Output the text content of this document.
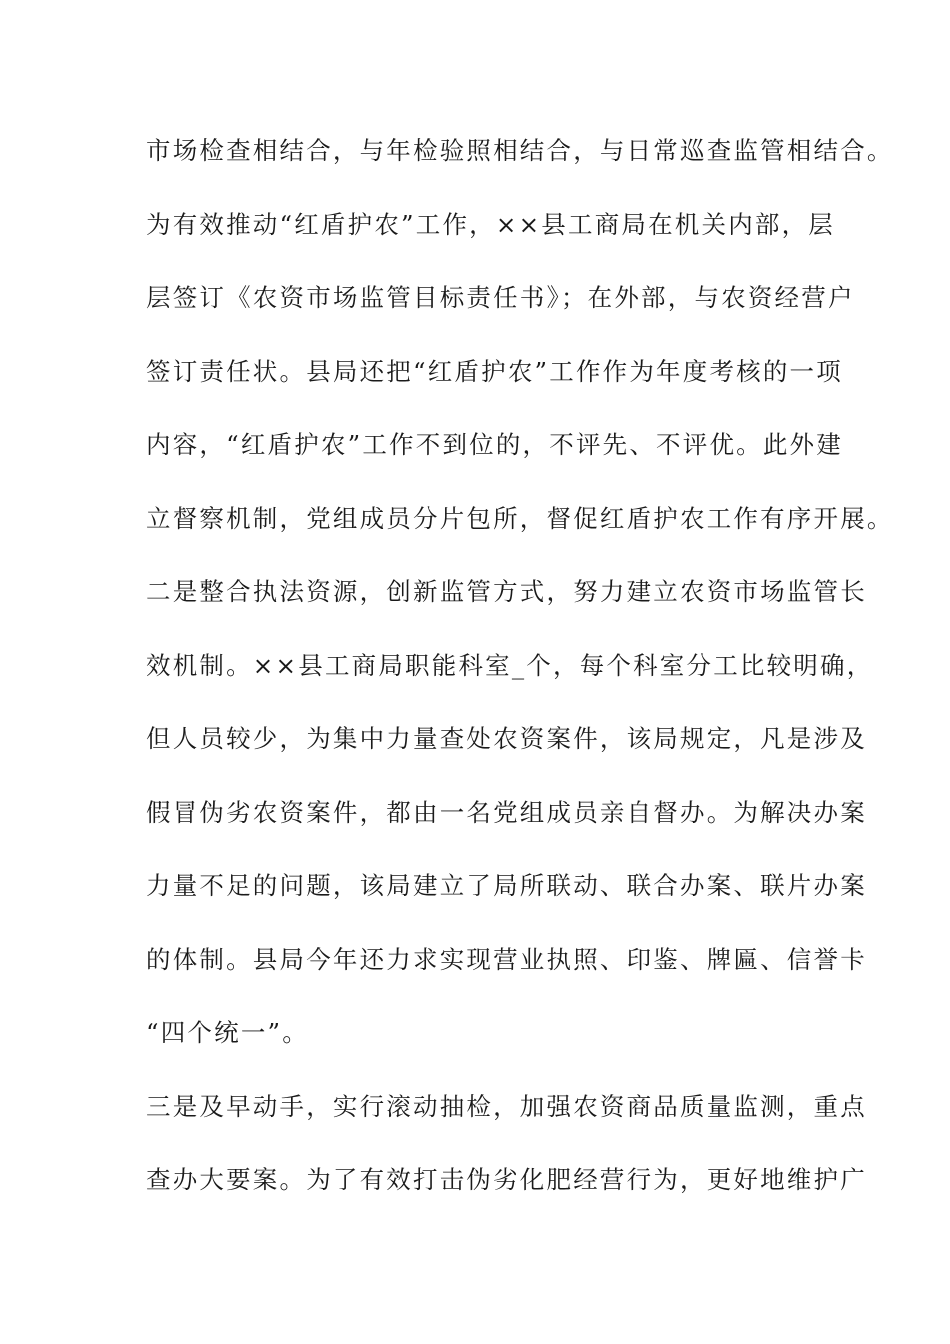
市场检查相结合，与年检验照相结合，与日常巡查监管相结合。
为有效推动“红盾护农”工作，××县工商局在机关内部，层
层签订《农资市场监管目标责任书》；在外部，与农资经营户
签订责任状。县局还把“红盾护农”工作作为年度考核的一项
内容，“红盾护农”工作不到位的，不评先、不评优。此外建
立督察机制，党组成员分片包所，督促红盾护农工作有序开展。
二是整合执法资源，创新监管方式，努力建立农资市场监管长
效机制。××县工商局职能科室_个，每个科室分工比较明确，
但人员较少，为集中力量查处农资案件，该局规定，凡是涉及
假冒伪劣农资案件，都由一名党组成员亲自督办。为解决办案
力量不足的问题，该局建立了局所联动、联合办案、联片办案
的体制。县局今年还力求实现营业执照、印鉴、牌匾、信誉卡
“四个统一”。
三是及早动手，实行滚动抽检，加强农资商品质量监测，重点
查办大要案。为了有效打击伪劣化肥经营行为，更好地维护广
